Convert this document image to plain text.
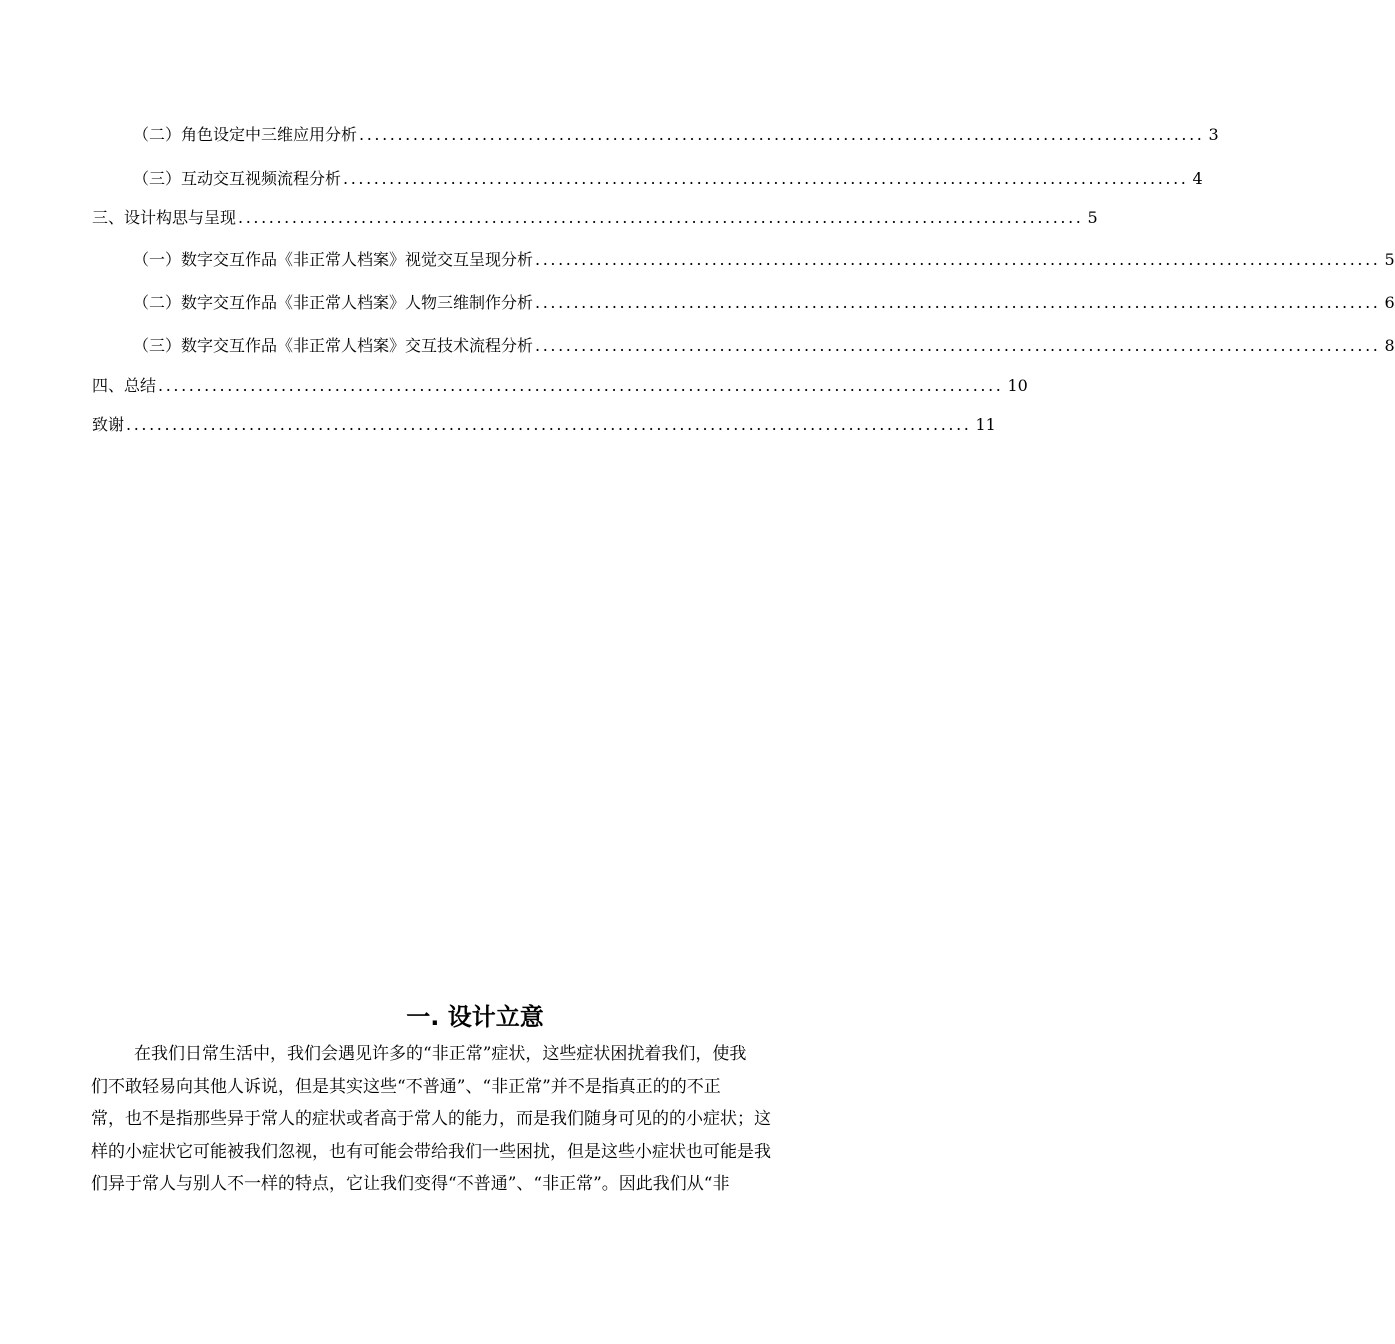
（二）角色设定中三维应用分析 .............................................................................................................. 3
（三）互动交互视频流程分析 .............................................................................................................. 4
三、设计构思与呈现 .............................................................................................................. 5
（一）数字交互作品《非正常人档案》视觉交互呈现分析 .............................................................................................................. 5
（二）数字交互作品《非正常人档案》人物三维制作分析 .............................................................................................................. 6
（三）数字交互作品《非正常人档案》交互技术流程分析 .............................................................................................................. 8
四、总结 .............................................................................................................. 10
致谢 .............................................................................................................. 11
一. 设计立意
在我们日常生活中，我们会遇见许多的“非正常”症状，这些症状困扰着我们，使我
们不敢轻易向其他人诉说，但是其实这些“不普通”、“非正常”并不是指真正的的不正
常，也不是指那些异于常人的症状或者高于常人的能力，而是我们随身可见的的小症状；这
样的小症状它可能被我们忽视，也有可能会带给我们一些困扰，但是这些小症状也可能是我
们异于常人与别人不一样的特点，它让我们变得“不普通”、“非正常”。因此我们从“非
